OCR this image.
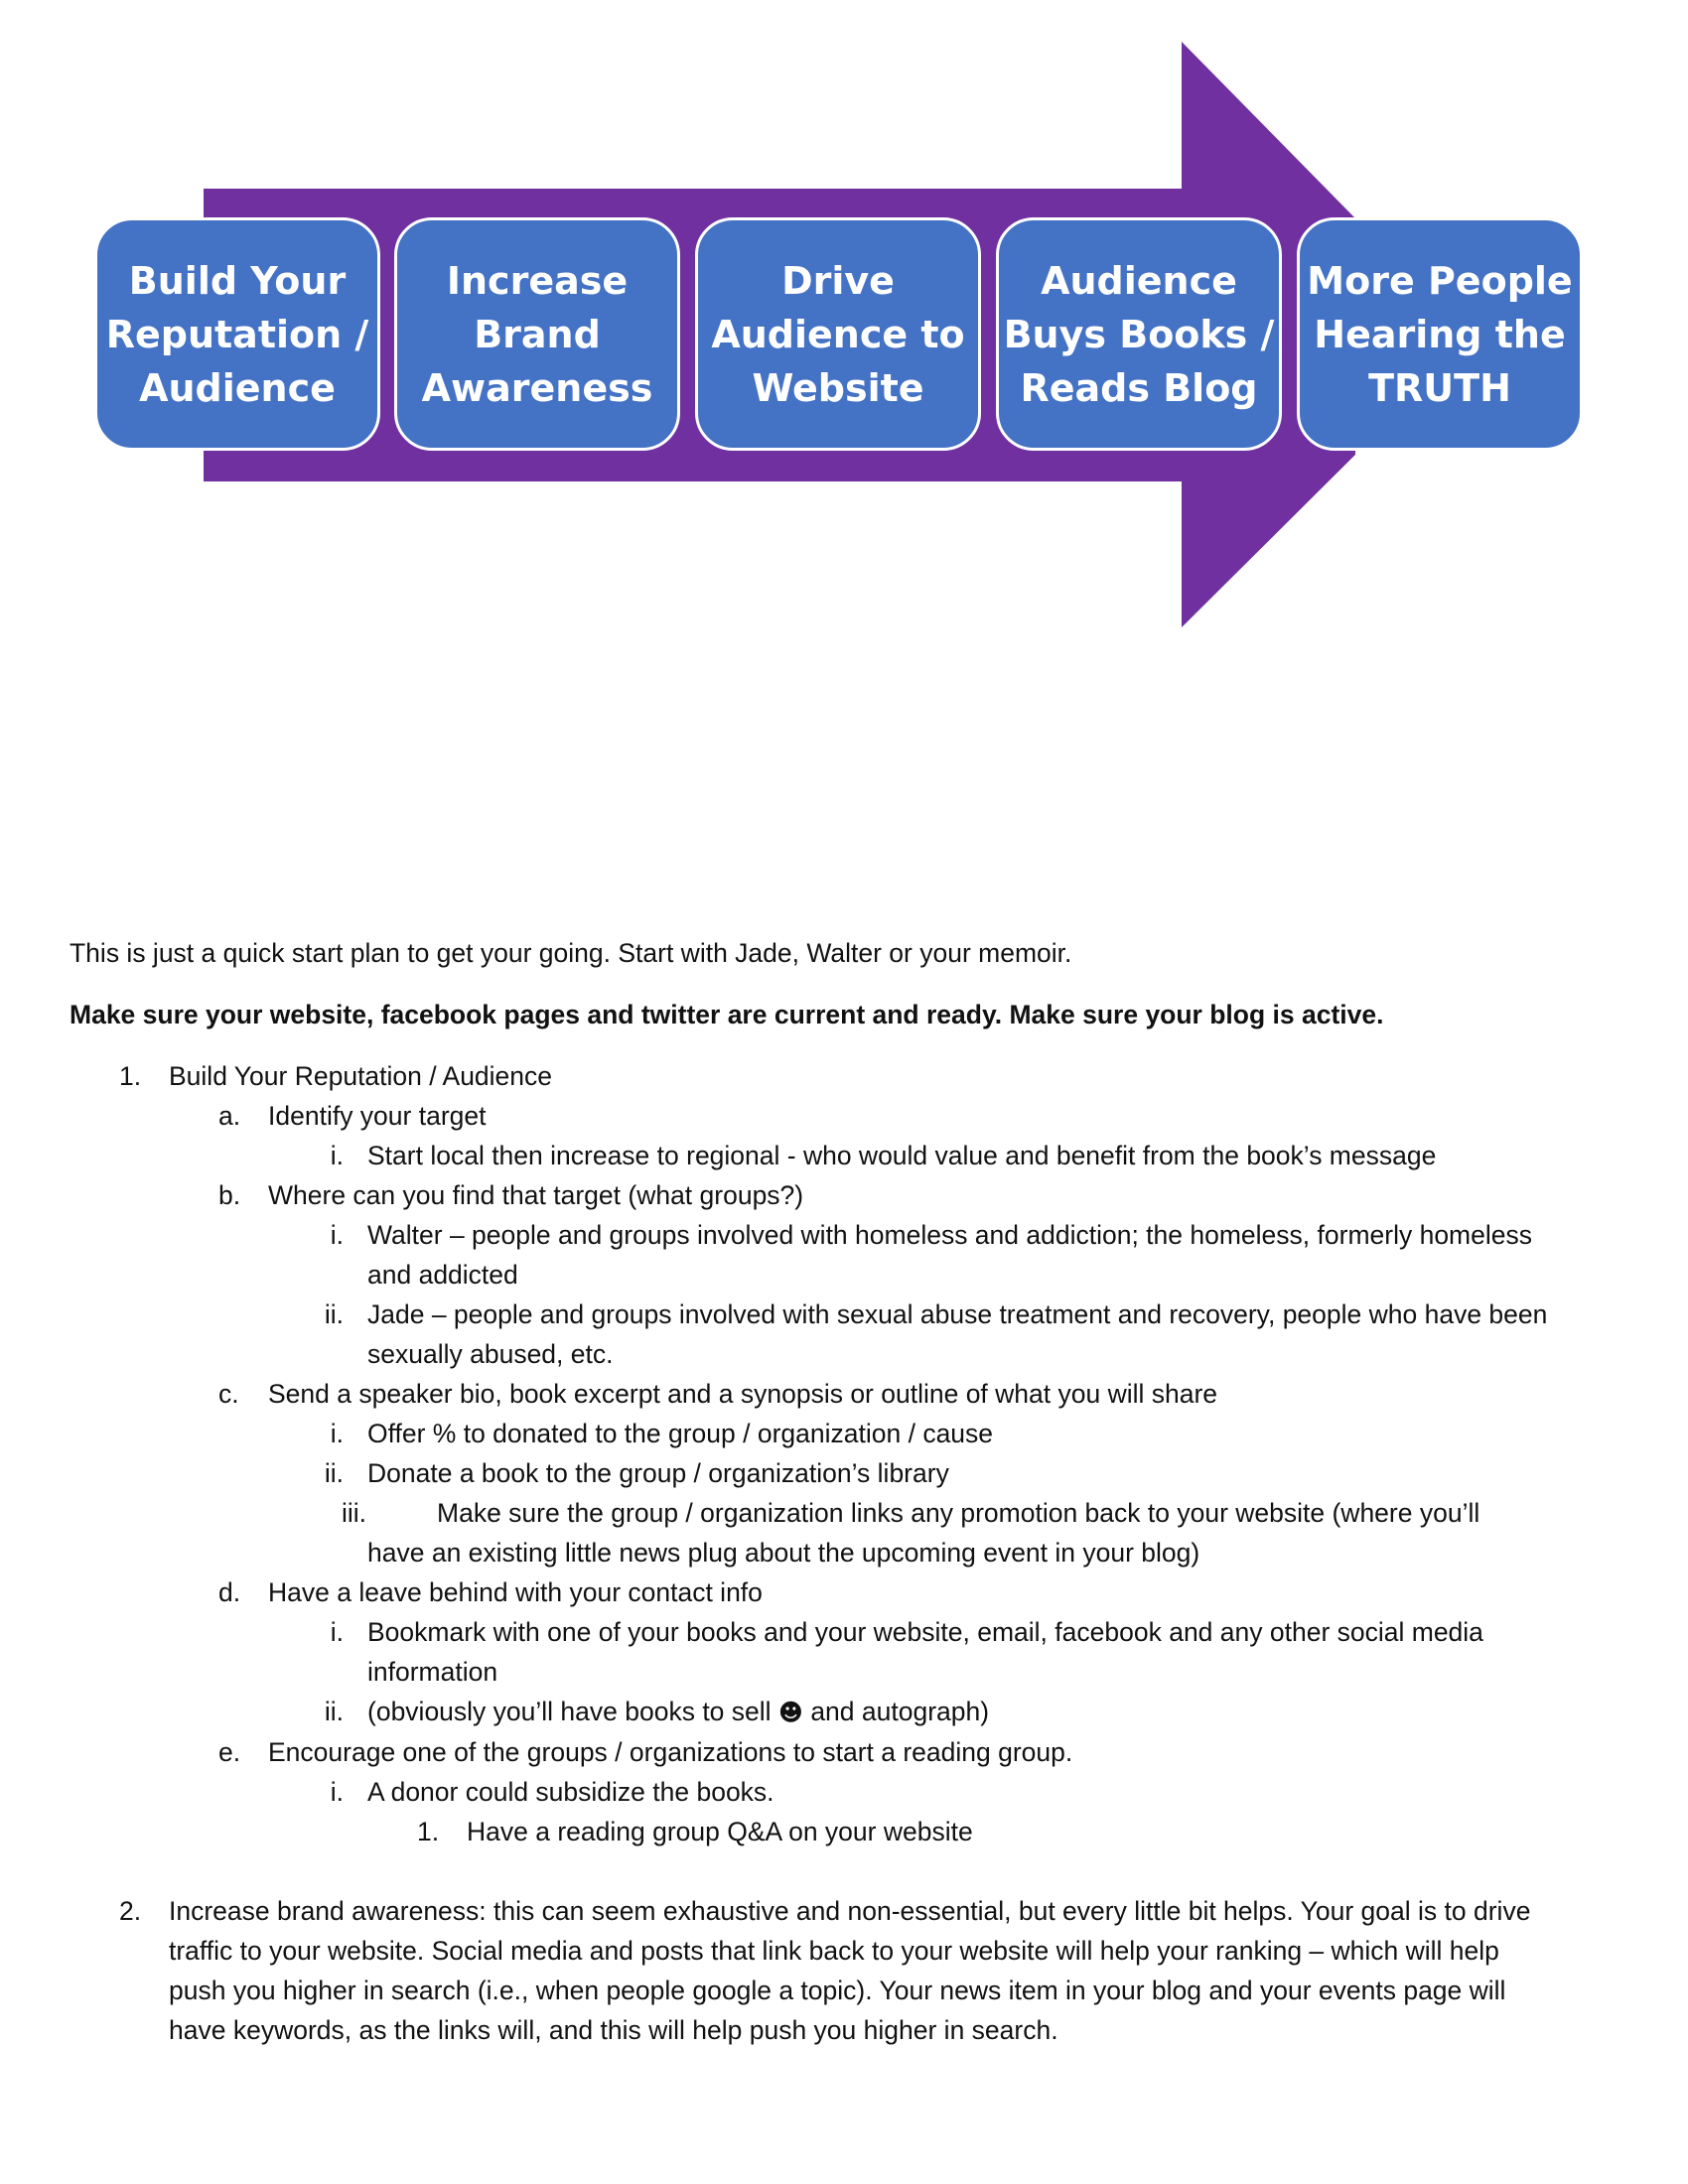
Build Your
Reputation /
Audience
Increase
Brand
Awareness
Drive
Audience to
Website
Audience
Buys Books /
Reads Blog
More People
Hearing the
TRUTH
This is just a quick start plan to get your going. Start with Jade, Walter or your memoir.
Make sure your website, facebook pages and twitter are current and ready. Make sure your blog is active.
1. Build Your Reputation / Audience
a. Identify your target
i. Start local then increase to regional - who would value and benefit from the book’s message
b. Where can you find that target (what groups?)
i. Walter – people and groups involved with homeless and addiction; the homeless, formerly homeless
and addicted
ii. Jade – people and groups involved with sexual abuse treatment and recovery, people who have been
sexually abused, etc.
c. Send a speaker bio, book excerpt and a synopsis or outline of what you will share
i. Offer % to donated to the group / organization / cause
ii. Donate a book to the group / organization’s library
iii.	Make sure the group / organization links any promotion back to your website (where you’ll
have an existing little news plug about the upcoming event in your blog)
d. Have a leave behind with your contact info
i. Bookmark with one of your books and your website, email, facebook and any other social media
information
ii. (obviously you’ll have books to sell ☻ and autograph)
e. Encourage one of the groups / organizations to start a reading group.
i. A donor could subsidize the books.
1. Have a reading group Q&A on your website
2. Increase brand awareness: this can seem exhaustive and non-essential, but every little bit helps. Your goal is to drive
traffic to your website. Social media and posts that link back to your website will help your ranking – which will help
push you higher in search (i.e., when people google a topic). Your news item in your blog and your events page will
have keywords, as the links will, and this will help push you higher in search.
